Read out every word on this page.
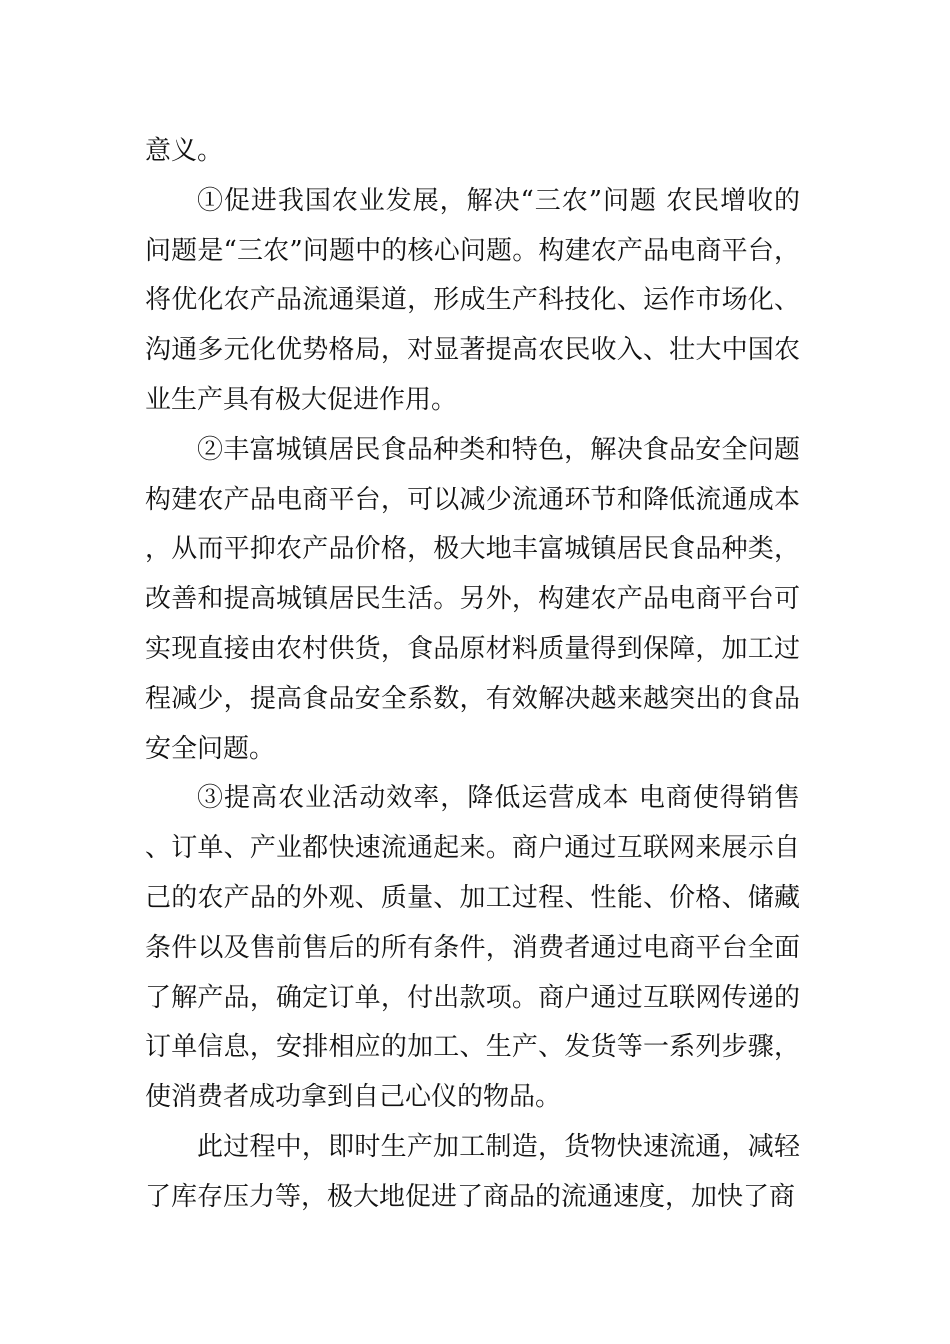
意义。

①促进我国农业发展，解决“三农”问题 农民增收的问题是“三农”问题中的核心问题。构建农产品电商平台，将优化农产品流通渠道，形成生产科技化、运作市场化、沟通多元化优势格局，对显著提高农民收入、壮大中国农业生产具有极大促进作用。

②丰富城镇居民食品种类和特色，解决食品安全问题 构建农产品电商平台，可以减少流通环节和降低流通成本，从而平抑农产品价格，极大地丰富城镇居民食品种类，改善和提高城镇居民生活。另外，构建农产品电商平台可实现直接由农村供货，食品原材料质量得到保障，加工过程减少，提高食品安全系数，有效解决越来越突出的食品安全问题。

③提高农业活动效率，降低运营成本 电商使得销售、订单、产业都快速流通起来。商户通过互联网来展示自己的农产品的外观、质量、加工过程、性能、价格、储藏条件以及售前售后的所有条件，消费者通过电商平台全面了解产品，确定订单，付出款项。商户通过互联网传递的订单信息，安排相应的加工、生产、发货等一系列步骤，使消费者成功拿到自己心仪的物品。

此过程中，即时生产加工制造，货物快速流通，减轻了库存压力等，极大地促进了商品的流通速度，加快了商
